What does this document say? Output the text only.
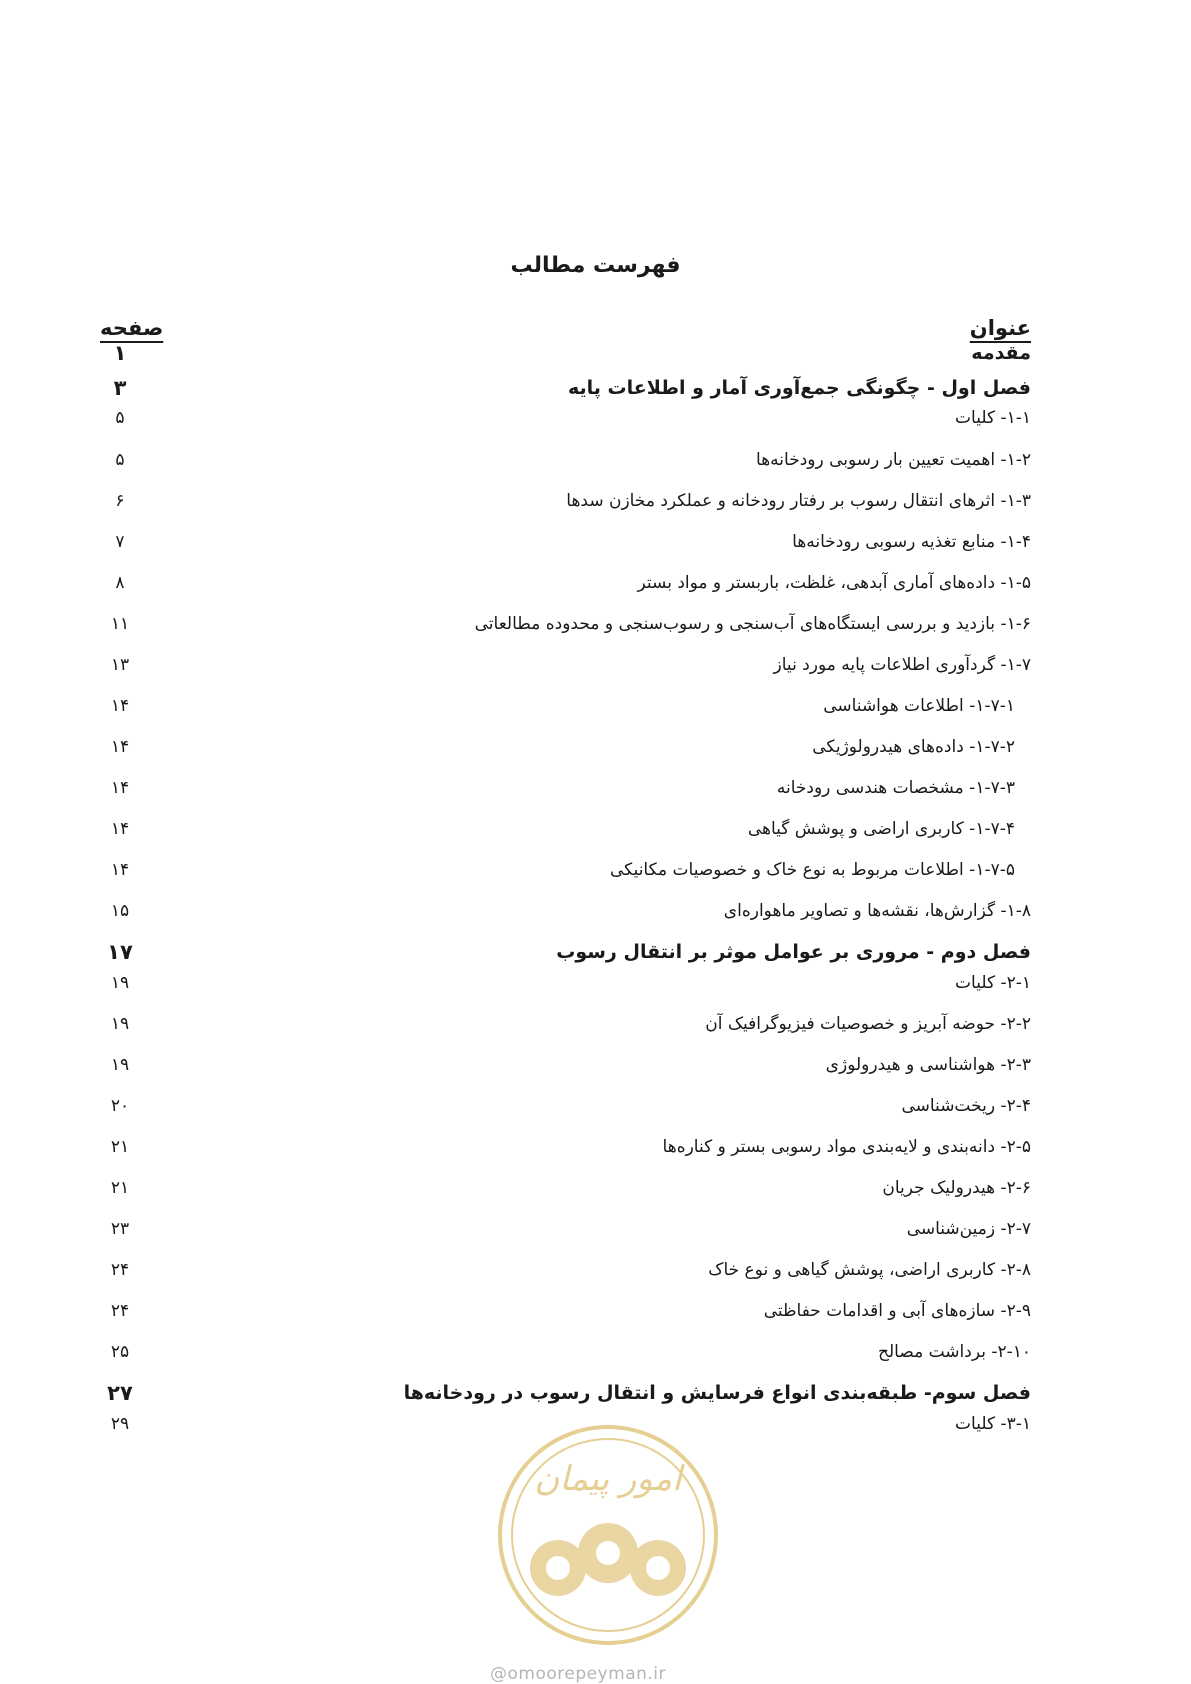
فهرست مطالب
عنوان
صفحه
مقدمه
۱
فصل اول - چگونگی جمع‌آوری آمار و اطلاعات پایه
۳
۱-۱- کلیات
۵
۱-۲- اهمیت تعیین بار رسوبی رودخانه‌ها
۵
۱-۳- اثرهای انتقال رسوب بر رفتار رودخانه و عملکرد مخازن سدها
۶
۱-۴- منابع تغذیه رسوبی رودخانه‌ها
۷
۱-۵- داده‌های آماری آبدهی، غلظت، باربستر و مواد بستر
۸
۱-۶- بازدید و بررسی ایستگاه‌های آب‌سنجی و رسوب‌سنجی و محدوده مطالعاتی
۱۱
۱-۷- گردآوری اطلاعات پایه مورد نیاز
۱۳
۱-۷-۱- اطلاعات هواشناسی
۱۴
۱-۷-۲- داده‌های هیدرولوژیکی
۱۴
۱-۷-۳- مشخصات هندسی رودخانه
۱۴
۱-۷-۴- کاربری اراضی و پوشش گیاهی
۱۴
۱-۷-۵- اطلاعات مربوط به نوع خاک و خصوصیات مکانیکی
۱۴
۱-۸- گزارش‌ها، نقشه‌ها و تصاویر ماهواره‌ای
۱۵
فصل دوم - مروری بر عوامل موثر بر انتقال رسوب
۱۷
۲-۱- کلیات
۱۹
۲-۲- حوضه آبریز و خصوصیات فیزیوگرافیک آن
۱۹
۲-۳- هواشناسی و هیدرولوژی
۱۹
۲-۴- ریخت‌شناسی
۲۰
۲-۵- دانه‌بندی و لایه‌بندی مواد رسوبی بستر و کناره‌ها
۲۱
۲-۶- هیدرولیک جریان
۲۱
۲-۷- زمین‌شناسی
۲۳
۲-۸- کاربری اراضی، پوشش گیاهی و نوع خاک
۲۴
۲-۹- سازه‌های آبی و اقدامات حفاظتی
۲۴
۲-۱۰- برداشت مصالح
۲۵
فصل سوم- طبقه‌بندی انواع فرسایش و انتقال رسوب در رودخانه‌ها
۲۷
۳-۱- کلیات
۲۹
امور پیمان
@omoorepeyman.ir
